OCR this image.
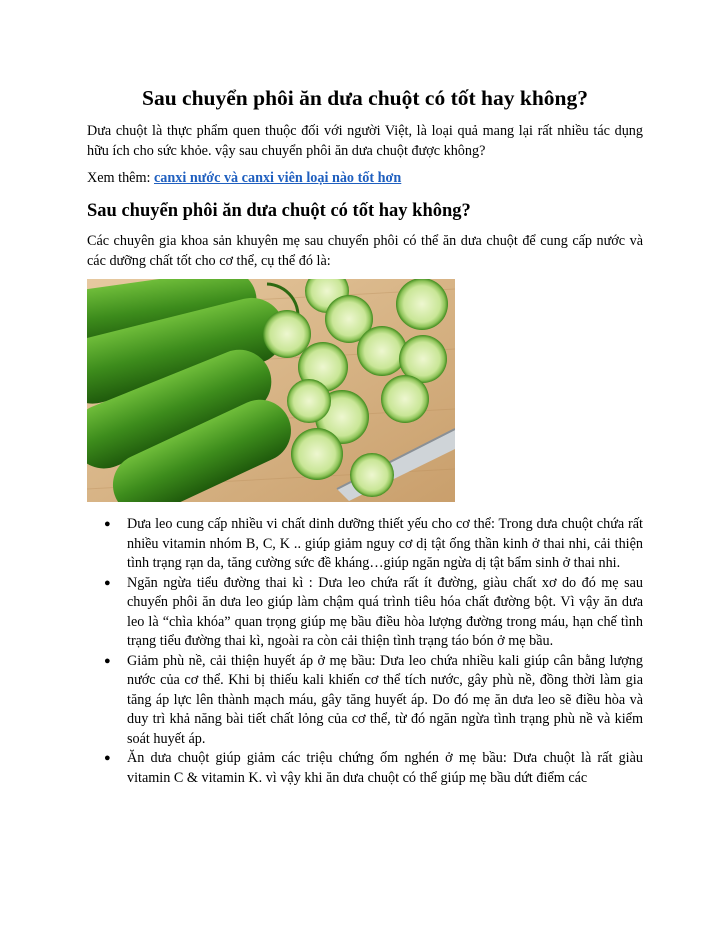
Sau chuyển phôi ăn dưa chuột có tốt hay không?

Dưa chuột là thực phẩm quen thuộc đối với người Việt, là loại quả mang lại rất nhiều tác dụng hữu ích cho sức khỏe. vậy sau chuyển phôi ăn dưa chuột được không?

Xem thêm: canxi nước và canxi viên loại nào tốt hơn

Sau chuyển phôi ăn dưa chuột có tốt hay không?

Các chuyên gia khoa sản khuyên mẹ sau chuyển phôi có thể ăn dưa chuột để cung cấp nước và các dưỡng chất tốt cho cơ thể, cụ thể đó là:

● Dưa leo cung cấp nhiều vi chất dinh dưỡng thiết yếu cho cơ thể: Trong dưa chuột chứa rất nhiều vitamin nhóm B, C, K .. giúp giảm nguy cơ dị tật ống thần kinh ở thai nhi, cải thiện tình trạng rạn da, tăng cường sức đề kháng…giúp ngăn ngừa dị tật bẩm sinh ở thai nhi.
● Ngăn ngừa tiểu đường thai kì : Dưa leo chứa rất ít đường, giàu chất xơ do đó mẹ sau chuyển phôi ăn dưa leo giúp làm chậm quá trình tiêu hóa chất đường bột. Vì vậy ăn dưa leo là “chìa khóa” quan trọng giúp mẹ bầu điều hòa lượng đường trong máu, hạn chế tình trạng tiểu đường thai kì, ngoài ra còn cải thiện tình trạng táo bón ở mẹ bầu.
● Giảm phù nề, cải thiện huyết áp ở mẹ bầu: Dưa leo chứa nhiều kali giúp cân bằng lượng nước của cơ thể. Khi bị thiếu kali khiến cơ thể tích nước, gây phù nề, đồng thời làm gia tăng áp lực lên thành mạch máu, gây tăng huyết áp. Do đó mẹ ăn dưa leo sẽ điều hòa và duy trì khả năng bài tiết chất lỏng của cơ thể, từ đó ngăn ngừa tình trạng phù nề và kiểm soát huyết áp.
● Ăn dưa chuột giúp giảm các triệu chứng ốm nghén ở mẹ bầu: Dưa chuột là rất giàu vitamin C & vitamin K. vì vậy khi ăn dưa chuột có thể giúp mẹ bầu dứt điểm các
